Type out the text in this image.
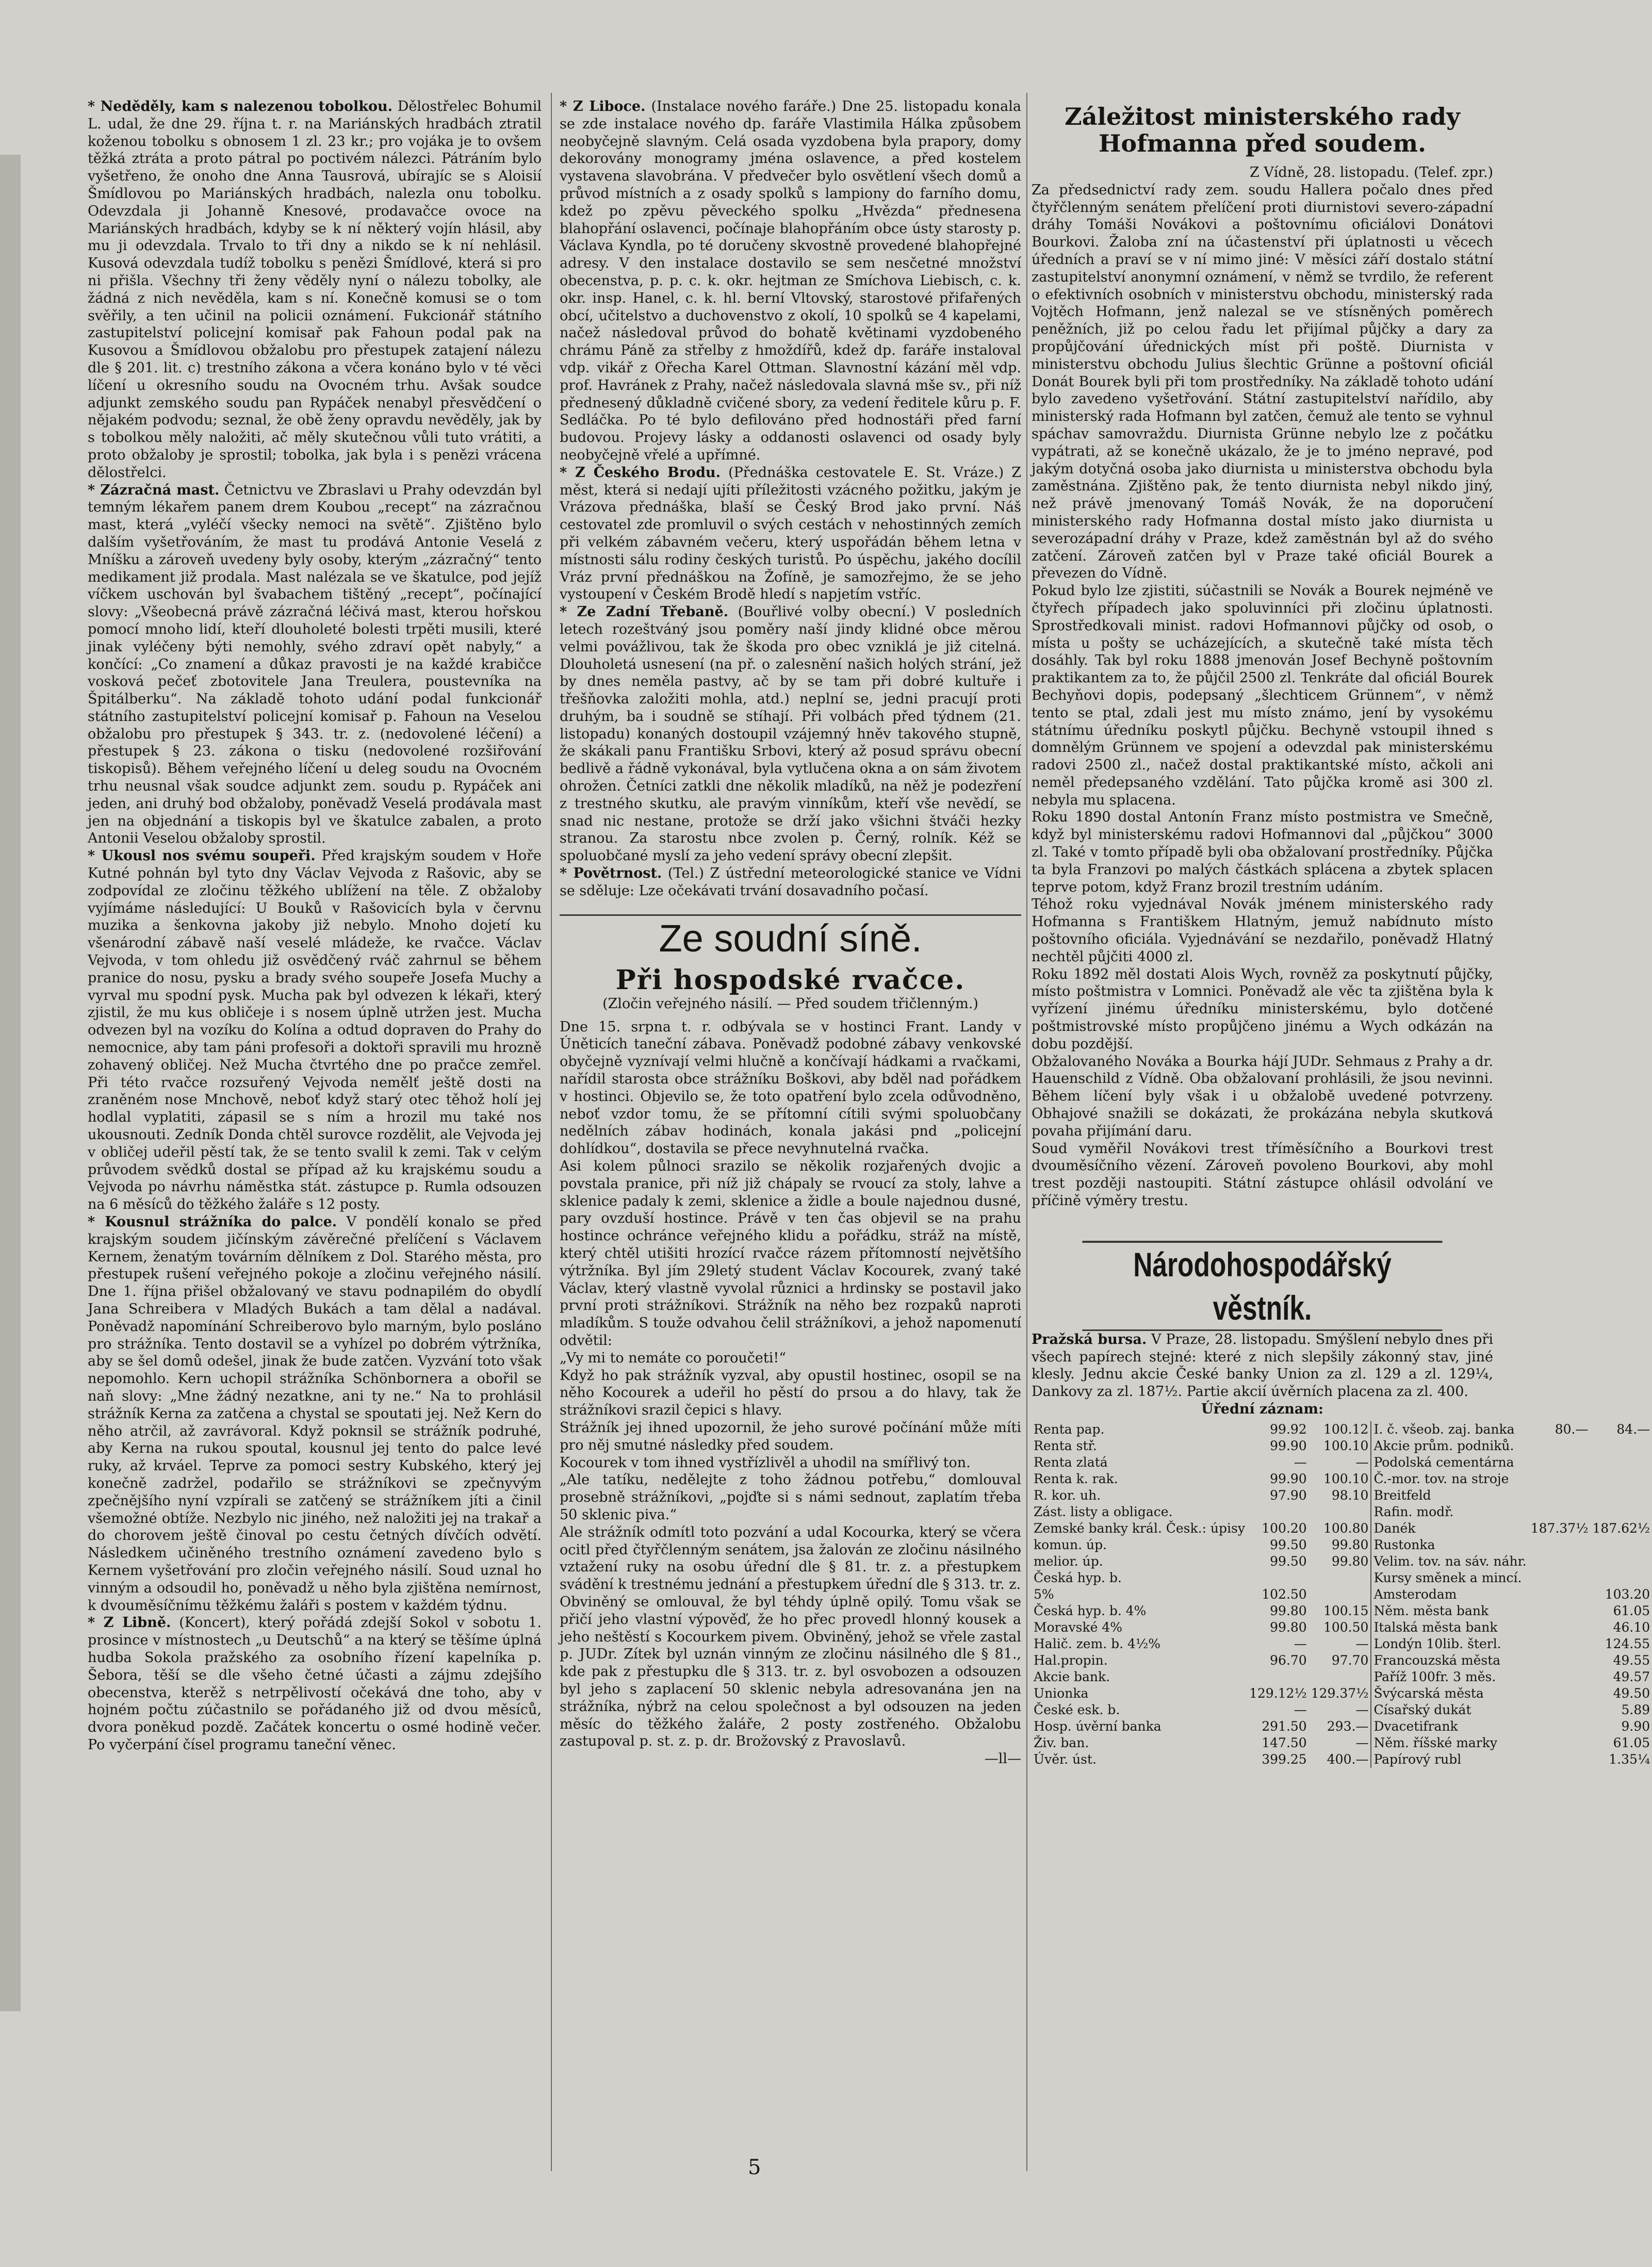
* Neděděly, kam s nalezenou tobolkou. Dělostřelec Bohumil L. udal, že dne 29. října t. r. na Mariánských hradbách ztratil koženou tobolku s obnosem 1 zl. 23 kr.; pro vojáka je to ovšem těžká ztráta a proto pátral po poctivém nálezci. Pátráním bylo vyšetřeno, že onoho dne Anna Tausrová, ubírajíc se s Aloisií Šmídlovou po Mariánských hradbách, nalezla onu tobolku. Odevzdala ji Johanně Knesové, prodavačce ovoce na Mariánských hradbách, kdyby se k ní některý vojín hlásil, aby mu ji odevzdala. Trvalo to tři dny a nikdo se k ní nehlásil. Kusová odevzdala tudíž tobolku s penězi Šmídlové, která si pro ni přišla. Všechny tři ženy věděly nyní o nálezu tobolky, ale žádná z nich nevěděla, kam s ní. Konečně komusi se o tom svěřily, a ten učinil na policii oznámení. Fukcionář státního zastupitelství policejní komisař pak Fahoun podal pak na Kusovou a Šmídlovou obžalobu pro přestupek zatajení nálezu dle § 201. lit. c) trestního zákona a včera konáno bylo v té věci líčení u okresního soudu na Ovocném trhu. Avšak soudce adjunkt zemského soudu pan Rypáček nenabyl přesvědčení o nějakém podvodu; seznal, že obě ženy opravdu nevěděly, jak by s tobolkou měly naložiti, ač měly skutečnou vůli tuto vrátiti, a proto obžaloby je sprostil; tobolka, jak byla i s penězi vrácena dělostřelci.

* Zázračná mast. Četnictvu ve Zbraslavi u Prahy odevzdán byl temným lékařem panem drem Koubou „recept“ na zázračnou mast, která „vyléčí všecky nemoci na světě“. Zjištěno bylo dalším vyšetřováním, že mast tu prodává Antonie Veselá z Mníšku a zároveň uvedeny byly osoby, kterým „zázračný“ tento medikament již prodala. Mast nalézala se ve škatulce, pod jejíž víčkem uschován byl švabachem tištěný „recept“, počínající slovy: „Všeobecná právě zázračná léčivá mast, kterou hořskou pomocí mnoho lidí, kteří dlouholeté bolesti trpěti musili, které jinak vyléčeny býti nemohly, svého zdraví opět nabyly,“ a končící: „Co znamení a důkaz pravosti je na každé krabičce vosková pečeť zbotovitele Jana Treulera, poustevníka na Špitálberku“. Na základě tohoto udání podal funkcionář státního zastupitelství policejní komisař p. Fahoun na Veselou obžalobu pro přestupek § 343. tr. z. (nedovolené léčení) a přestupek § 23. zákona o tisku (nedovolené rozšiřování tiskopisů). Během veřejného líčení u deleg soudu na Ovocném trhu neusnal však soudce adjunkt zem. soudu p. Rypáček ani jeden, ani druhý bod obžaloby, poněvadž Veselá prodávala mast jen na objednání a tiskopis byl ve škatulce zabalen, a proto Antonii Veselou obžaloby sprostil.

* Ukousl nos svému soupeři. Před krajským soudem v Hoře Kutné pohnán byl tyto dny Václav Vejvoda z Rašovic, aby se zodpovídal ze zločinu těžkého ublížení na těle. Z obžaloby vyjímáme následující: U Bouků v Rašovicích byla v červnu muzika a šenkovna jakoby již nebylo. Mnoho dojetí ku všenárodní zábavě naší veselé mládeže, ke rvačce. Václav Vejvoda, v tom ohledu již osvědčený rváč zahrnul se během pranice do nosu, pysku a brady svého soupeře Josefa Muchy a vyrval mu spodní pysk. Mucha pak byl odvezen k lékaři, který zjistil, že mu kus obličeje i s nosem úplně utržen jest. Mucha odvezen byl na vozíku do Kolína a odtud dopraven do Prahy do nemocnice, aby tam páni profesoři a doktoři spravili mu hrozně zohavený obličej. Než Mucha čtvrtého dne po pračce zemřel. Při této rvačce rozsuřený Vejvoda nemělť ještě dosti na zraněném nose Mnchově, neboť když starý otec těhož holí jej hodlal vyplatiti, zápasil se s ním a hrozil mu také nos ukousnouti. Zedník Donda chtěl surovce rozdělit, ale Vejvoda jej v obličej udeřil pěstí tak, že se tento svalil k zemi. Tak v celým průvodem svědků dostal se případ až ku krajskému soudu a Vejvoda po návrhu náměstka stát. zástupce p. Rumla odsouzen na 6 měsíců do těžkého žaláře s 12 posty.

* Kousnul strážníka do palce. V pondělí konalo se před krajským soudem jičínským závěrečné přelíčení s Václavem Kernem, ženatým továrním dělníkem z Dol. Starého města, pro přestupek rušení veřejného pokoje a zločinu veřejného násilí. Dne 1. října přišel obžalovaný ve stavu podnapilém do obydlí Jana Schreibera v Mladých Bukách a tam dělal a nadával. Poněvadž napomínání Schreiberovo bylo marným, bylo posláno pro strážníka. Tento dostavil se a vyhízel po dobrém výtržníka, aby se šel domů odešel, jinak že bude zatčen. Vyzvání toto však nepomohlo. Kern uchopil strážníka Schönbornera a obořil se naň slovy: „Mne žádný nezatkne, ani ty ne.“ Na to prohlásil strážník Kerna za zatčena a chystal se spoutati jej. Než Kern do něho atrčil, až zavrávoral. Když poknsil se strážník podruhé, aby Kerna na rukou spoutal, kousnul jej tento do palce levé ruky, až krváel. Teprve za pomoci sestry Kubského, který jej konečně zadržel, podařilo se strážníkovi se zpečnyvým zpečnějšího nyní vzpírali se zatčený se strážníkem jíti a činil všemožné obtíže. Nezbylo nic jiného, než naložiti jej na trakař a do chorovem ještě činoval po cestu četných dívčích odvětí. Následkem učiněného trestního oznámení zavedeno bylo s Kernem vyšetřování pro zločin veřejného násilí. Soud uznal ho vinným a odsoudil ho, poněvadž u něho byla zjištěna nemírnost, k dvouměsíčnímu těžkému žaláři s postem v každém týdnu.

* Z Libně. (Koncert), který pořádá zdejší Sokol v sobotu 1. prosince v místnostech „u Deutschů“ a na který se těšíme úplná hudba Sokola pražského za osobního řízení kapelníka p. Šebora, těší se dle všeho četné účasti a zájmu zdejšího obecenstva, kterěž s netrpělivostí očekává dne toho, aby v hojném počtu zúčastnilo se pořádaného již od dvou měsíců, dvora poněkud pozdě. Začátek koncertu o osmé hodině večer. Po vyčerpání čísel programu taneční věnec.

* Z Liboce. (Instalace nového faráře.) Dne 25. listopadu konala se zde instalace nového dp. faráře Vlastimila Hálka způsobem neobyčejně slavným. Celá osada vyzdobena byla prapory, domy dekorovány monogramy jména oslavence, a před kostelem vystavena slavobrána. V předvečer bylo osvětlení všech domů a průvod místních a z osady spolků s lampiony do farního domu, kdež po zpěvu pěveckého spolku „Hvězda“ přednesena blahopřání oslavenci, počínaje blahopřáním obce ústy starosty p. Václava Kyndla, po té doručeny skvostně provedené blahopřejné adresy. V den instalace dostavilo se sem nesčetné množství obecenstva, p. p. c. k. okr. hejtman ze Smíchova Liebisch, c. k. okr. insp. Hanel, c. k. hl. berní Vltovský, starostové přifařených obcí, učitelstvo a duchovenstvo z okolí, 10 spolků se 4 kapelami, načež následoval průvod do bohatě květinami vyzdobeného chrámu Páně za střelby z hmoždířů, kdež dp. faráře instaloval vdp. vikář z Ořecha Karel Ottman. Slavnostní kázání měl vdp. prof. Havránek z Prahy, načež následovala slavná mše sv., při níž přednesený důkladně cvičené sbory, za vedení ředitele kůru p. F. Sedláčka. Po té bylo defilováno před hodnostáři před farní budovou. Projevy lásky a oddanosti oslavenci od osady byly neobyčejně vřelé a upřímné.

* Z Českého Brodu. (Přednáška cestovatele E. St. Vráze.) Z měst, která si nedají ujíti příležitosti vzácného požitku, jakým je Vrázova přednáška, blaší se Český Brod jako první. Náš cestovatel zde promluvil o svých cestách v nehostinných zemích při velkém zábavném večeru, který uspořádán během letna v místnosti sálu rodiny českých turistů. Po úspěchu, jakého docílil Vráz první přednáškou na Žofíně, je samozřejmo, že se jeho vystoupení v Českém Brodě hledí s napjetím vstříc.

* Ze Zadní Třebaně. (Bouřlivé volby obecní.) V posledních letech rozeštváný jsou poměry naší jindy klidné obce měrou velmi povážlivou, tak že škoda pro obec vzniklá je již citelná. Dlouholetá usnesení (na př. o zalesnění našich holých strání, jež by dnes neměla pastvy, ač by se tam při dobré kultuře i třešňovka založiti mohla, atd.) neplní se, jedni pracují proti druhým, ba i soudně se stíhají. Při volbách před týdnem (21. listopadu) konaných dostoupil vzájemný hněv takového stupně, že skákali panu Františku Srbovi, který až posud správu obecní bedlivě a řádně vykonával, byla vytlučena okna a on sám životem ohrožen. Četníci zatkli dne několik mladíků, na něž je podezření z trestného skutku, ale pravým vinníkům, kteří vše nevědí, se snad nic nestane, protože se drží jako všichni štváči hezky stranou. Za starostu nbce zvolen p. Černý, rolník. Kéž se spoluobčané myslí za jeho vedení správy obecní zlepšit.

* Povětrnost. (Tel.) Z ústřední meteorologické stanice ve Vídni se sděluje: Lze očekávati trvání dosavadního počasí.

Ze soudní síně.
Při hospodské rvačce.
(Zločin veřejného násilí. — Před soudem třičlenným.)

Dne 15. srpna t. r. odbývala se v hostinci Frant. Landy v Úněticích taneční zábava. Poněvadž podobné zábavy venkovské obyčejně vyznívají velmi hlučně a končívají hádkami a rvačkami, nařídil starosta obce strážníku Boškovi, aby bděl nad pořádkem v hostinci. Objevilo se, že toto opatření bylo zcela odůvodněno, neboť vzdor tomu, že se přítomní cítili svými spoluobčany nedělních zábav hodinách, konala jakási pnd „policejní dohlídkou“, dostavila se přece nevyhnutelná rvačka.

Asi kolem půlnoci srazilo se několik rozjařených dvojic a povstala pranice, při níž již chápaly se rvoucí za stoly, lahve a sklenice padaly k zemi, sklenice a židle a boule najednou dusné, pary ovzduší hostince. Právě v ten čas objevil se na prahu hostince ochránce veřejného klidu a pořádku, stráž na místě, který chtěl utišiti hrozící rvačce rázem přítomností největšího výtržníka. Byl jím 29letý student Václav Kocourek, zvaný také Václav, který vlastně vyvolal různici a hrdinsky se postavil jako první proti strážníkovi. Strážník na něho bez rozpaků naproti mladíkům. S touže odvahou čelil strážníkovi, a jehož napomenutí odvětil:

„Vy mi to nemáte co poroučeti!“

Když ho pak strážník vyzval, aby opustil hostinec, osopil se na něho Kocourek a udeřil ho pěstí do prsou a do hlavy, tak že strážníkovi srazil čepici s hlavy.

Strážník jej ihned upozornil, že jeho surové počínání může míti pro něj smutné následky před soudem.

Kocourek v tom ihned vystřízlivěl a uhodil na smířlivý ton.

„Ale tatíku, nedělejte z toho žádnou potřebu,“ domlouval prosebně strážníkovi, „pojďte si s námi sednout, zaplatím třeba 50 sklenic piva.“

Ale strážník odmítl toto pozvání a udal Kocourka, který se včera ocitl před čtyřčlenným senátem, jsa žalován ze zločinu násilného vztažení ruky na osobu úřední dle § 81. tr. z. a přestupkem svádění k trestnému jednání a přestupkem úřední dle § 313. tr. z.

Obviněný se omlouval, že byl téhdy úplně opilý. Tomu však se přičí jeho vlastní výpověď, že ho přec provedl hlonný kousek a jeho neštěstí s Kocourkem pivem. Obviněný, jehož se vřele zastal p. JUDr. Zítek byl uznán vinným ze zločinu násilného dle § 81., kde pak z přestupku dle § 313. tr. z. byl osvobozen a odsouzen byl jeho s zaplacení 50 sklenic nebyla adresovanána jen na strážníka, nýbrž na celou společnost a byl odsouzen na jeden měsíc do těžkého žaláře, 2 posty zostřeného. Obžalobu zastupoval p. st. z. p. dr. Brožovský z Pravoslavů.

—ll—

Záležitost ministerského rady Hofmanna před soudem.

Z Vídně, 28. listopadu. (Telef. zpr.)

Za předsednictví rady zem. soudu Hallera počalo dnes před čtyřčlenným senátem přelíčení proti diurnistovi severo-západní dráhy Tomáši Novákovi a poštovnímu oficiálovi Donátovi Bourkovi. Žaloba zní na účastenství při úplatnosti u věcech úředních a praví se v ní mimo jiné: V měsíci září dostalo státní zastupitelství anonymní oznámení, v němž se tvrdilo, že referent o efektivních osobních v ministerstvu obchodu, ministerský rada Vojtěch Hofmann, jenž nalezal se ve stísněných poměrech peněžních, již po celou řadu let přijímal půjčky a dary za propůjčování úřednických míst při poště. Diurnista v ministerstvu obchodu Julius šlechtic Grünne a poštovní oficiál Donát Bourek byli při tom prostředníky. Na základě tohoto udání bylo zavedeno vyšetřování. Státní zastupitelství nařídilo, aby ministerský rada Hofmann byl zatčen, čemuž ale tento se vyhnul spáchav samovraždu. Diurnista Grünne nebylo lze z počátku vypátrati, až se konečně ukázalo, že je to jméno nepravé, pod jakým dotyčná osoba jako diurnista u ministerstva obchodu byla zaměstnána. Zjištěno pak, že tento diurnista nebyl nikdo jiný, než právě jmenovaný Tomáš Novák, že na doporučení ministerského rady Hofmanna dostal místo jako diurnista u severozápadní dráhy v Praze, kdež zaměstnán byl až do svého zatčení. Zároveň zatčen byl v Praze také oficiál Bourek a převezen do Vídně.

Pokud bylo lze zjistiti, súčastnili se Novák a Bourek nejméně ve čtyřech případech jako spoluvinníci při zločinu úplatnosti. Sprostředkovali minist. radovi Hofmannovi půjčky od osob, o místa u pošty se ucházejících, a skutečně také místa těch dosáhly. Tak byl roku 1888 jmenován Josef Bechyně poštovním praktikantem za to, že půjčil 2500 zl. Tenkráte dal oficiál Bourek Bechyňovi dopis, podepsaný „šlechticem Grünnem“, v němž tento se ptal, zdali jest mu místo známo, jení by vysokému státnímu úředníku poskytl půjčku. Bechyně vstoupil ihned s domnělým Grünnem ve spojení a odevzdal pak ministerskému radovi 2500 zl., načež dostal praktikantské místo, ačkoli ani neměl předepsaného vzdělání. Tato půjčka kromě asi 300 zl. nebyla mu splacena.

Roku 1890 dostal Antonín Franz místo postmistra ve Smečně, když byl ministerskému radovi Hofmannovi dal „půjčkou“ 3000 zl. Také v tomto případě byli oba obžalovaní prostředníky. Půjčka ta byla Franzovi po malých částkách splácena a zbytek splacen teprve potom, když Franz brozil trestním udáním.

Téhož roku vyjednával Novák jménem ministerského rady Hofmanna s Františkem Hlatným, jemuž nabídnuto místo poštovního oficiála. Vyjednávání se nezdařilo, poněvadž Hlatný nechtěl půjčiti 4000 zl.

Roku 1892 měl dostati Alois Wych, rovněž za poskytnutí půjčky, místo poštmistra v Lomnici. Poněvadž ale věc ta zjištěna byla k vyřízení jinému úředníku ministerskému, bylo dotčené poštmistrovské místo propůjčeno jinému a Wych odkázán na dobu pozdější.

Obžalovaného Nováka a Bourka hájí JUDr. Sehmaus z Prahy a dr. Hauenschild z Vídně. Oba obžalovaní prohlásili, že jsou nevinni. Během líčení byly však i u obžalobě uvedené potvrzeny. Obhajové snažili se dokázati, že prokázána nebyla skutková povaha přijímání daru.

Soud vyměřil Novákovi trest tříměsíčního a Bourkovi trest dvouměsíčního vězení. Zároveň povoleno Bourkovi, aby mohl trest později nastoupiti. Státní zástupce ohlásil odvolání ve příčině výměry trestu.

Národohospodářský věstník.

Pražská bursa. V Praze, 28. listopadu. Smýšlení nebylo dnes při všech papírech stejné: které z nich slepšily zákonný stav, jiné klesly. Jednu akcie České banky Union za zl. 129 a zl. 129¼, Dankovy za zl. 187½. Partie akcií úvěrních placena za zl. 400.

Úřední záznam:

Renta pap.	99.92	100.12	I. č. všeob. zaj. banka	80.—	84.—
Renta stř.	99.90	100.10	Akcie prům. podniků.		
Renta zlatá	—	—	Podolská cementárna		
Renta k. rak.	99.90	100.10	Č.-mor. tov. na stroje		
R. kor. uh.	97.90	98.10	Breitfeld		
Zást. listy a obligace.			Rafin. modř.		
Zemské banky král. Česk.: úpisy	100.20	100.80	Danék	187.37½	187.62½
komun. úp.	99.50	99.80	Rustonka		
melior. úp.	99.50	99.80	Velim. tov. na sáv. náhr.		
Česká hyp. b.			Kursy směnek a mincí.		
5%	102.50		Amsterodam		103.20
Česká hyp. b. 4%	99.80	100.15	Něm. města bank		61.05
Moravské 4%	99.80	100.50	Italská města bank		46.10
Halič. zem. b. 4½%	—	—	Londýn 10lib. šterl.		124.55
Hal.propin.	96.70	97.70	Francouzská města		49.55
Akcie bank.			Paříž 100fr. 3 měs.		49.57
Unionka	129.12½	129.37½	Švýcarská města		49.50
České esk. b.	—	—	Císařský dukát		5.89
Hosp. úvěrní banka	291.50	293.—	Dvacetifrank		9.90
Živ. ban.	147.50	—	Něm. říšské marky		61.05
Úvěr. úst.	399.25	400.—	Papírový rubl		1.35¼
5
